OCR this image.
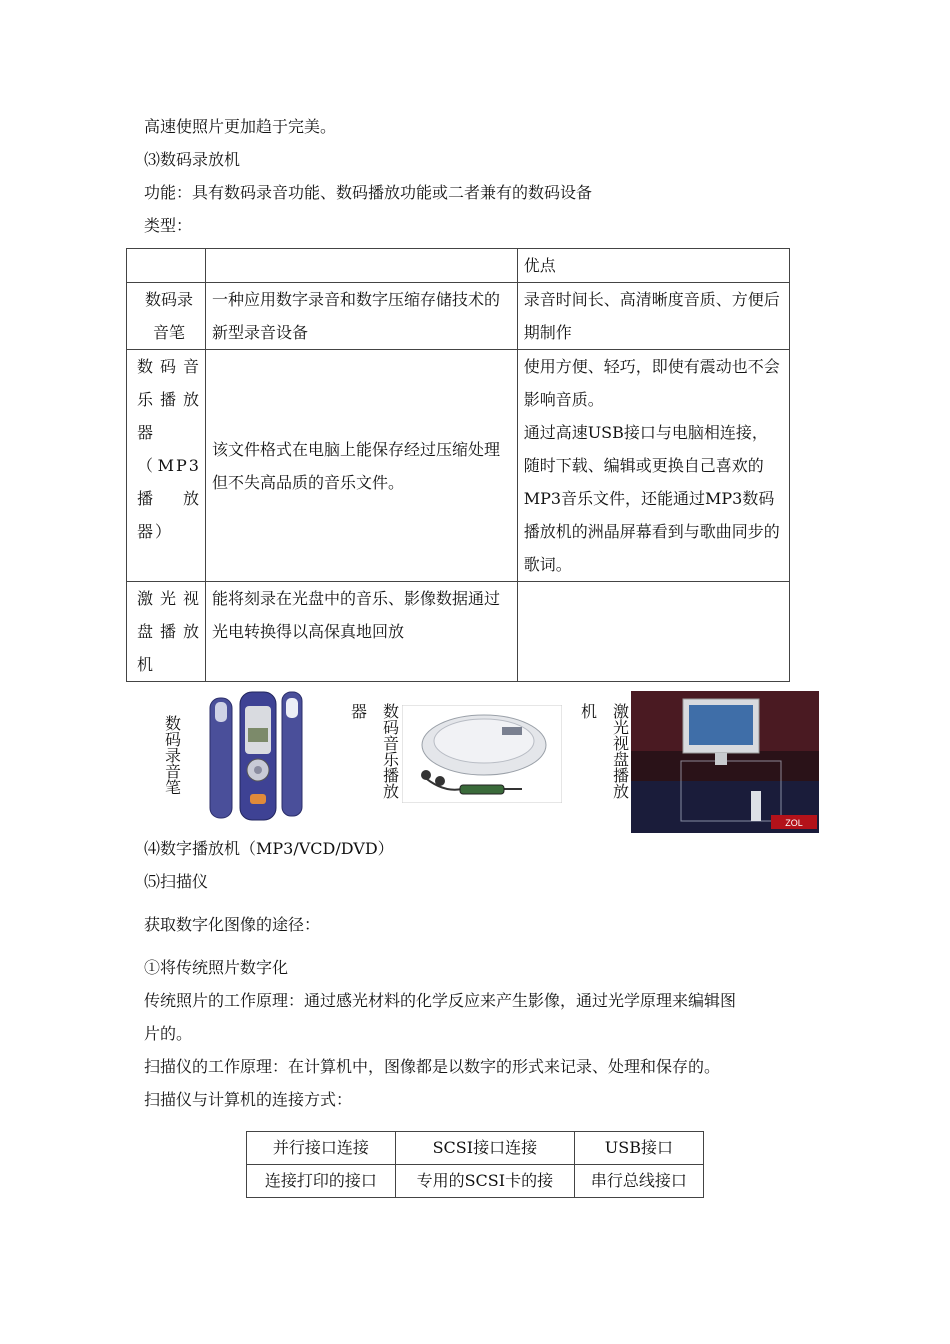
高速使照片更加趋于完美。
⑶数码录放机
功能：具有数码录音功能、数码播放功能或二者兼有的数码设备
类型：
		优点
数码录音笔	一种应用数字录音和数字压缩存储技术的新型录音设备	录音时间长、高清晰度音质、方便后期制作
数码音乐播放器（MP3播放器）	该文件格式在电脑上能保存经过压缩处理但不失高品质的音乐文件。	使用方便、轻巧，即使有震动也不会影响音质。
通过高速USB接口与电脑相连接，随时下载、编辑或更换自己喜欢的MP3音乐文件，还能通过MP3数码播放机的洲晶屏幕看到与歌曲同步的歌词。

激光视盘播放机	能将刻录在光盘中的音乐、影像数据通过光电转换得以高保真地回放	
数码录音笔
器 数码音乐播放
机 激光视盘播放
ZOL
⑷数字播放机（MP3/VCD/DVD）
⑸扫描仪
获取数字化图像的途径：
①将传统照片数字化
传统照片的工作原理：通过感光材料的化学反应来产生影像，通过光学原理来编辑图
片的。
扫描仪的工作原理：在计算机中，图像都是以数字的形式来记录、处理和保存的。
扫描仪与计算机的连接方式：
并行接口连接	SCSI接口连接	USB接口
连接打印的接口	专用的SCSI卡的接	串行总线接口
